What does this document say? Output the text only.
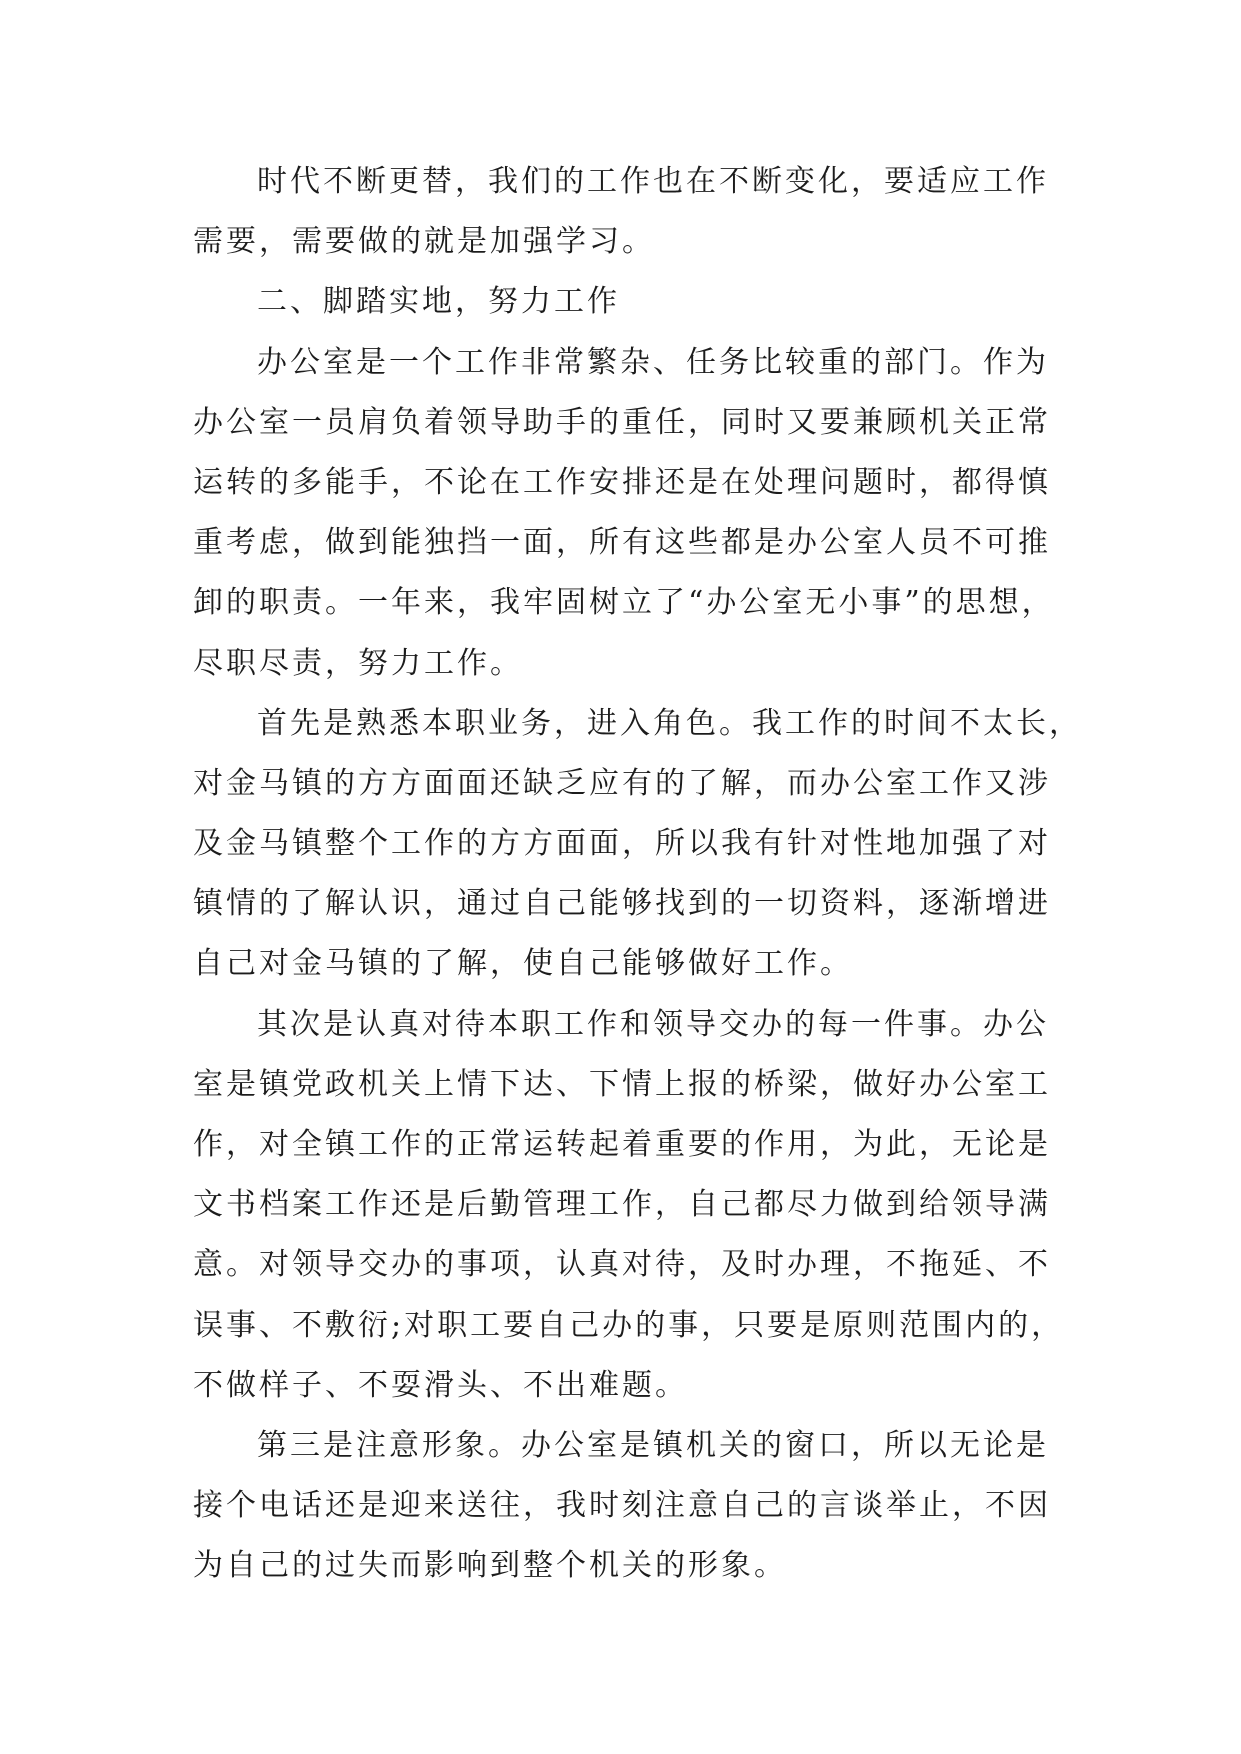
时代不断更替，我们的工作也在不断变化，要适应工作
需要，需要做的就是加强学习。
二、脚踏实地，努力工作
办公室是一个工作非常繁杂、任务比较重的部门。作为
办公室一员肩负着领导助手的重任，同时又要兼顾机关正常
运转的多能手，不论在工作安排还是在处理问题时，都得慎
重考虑，做到能独挡一面，所有这些都是办公室人员不可推
卸的职责。一年来，我牢固树立了“办公室无小事”的思想，
尽职尽责，努力工作。
首先是熟悉本职业务，进入角色。我工作的时间不太长，
对金马镇的方方面面还缺乏应有的了解，而办公室工作又涉
及金马镇整个工作的方方面面，所以我有针对性地加强了对
镇情的了解认识，通过自己能够找到的一切资料，逐渐增进
自己对金马镇的了解，使自己能够做好工作。
其次是认真对待本职工作和领导交办的每一件事。办公
室是镇党政机关上情下达、下情上报的桥梁，做好办公室工
作，对全镇工作的正常运转起着重要的作用，为此，无论是
文书档案工作还是后勤管理工作，自己都尽力做到给领导满
意。对领导交办的事项，认真对待，及时办理，不拖延、不
误事、不敷衍;对职工要自己办的事，只要是原则范围内的，
不做样子、不耍滑头、不出难题。
第三是注意形象。办公室是镇机关的窗口，所以无论是
接个电话还是迎来送往，我时刻注意自己的言谈举止，不因
为自己的过失而影响到整个机关的形象。
